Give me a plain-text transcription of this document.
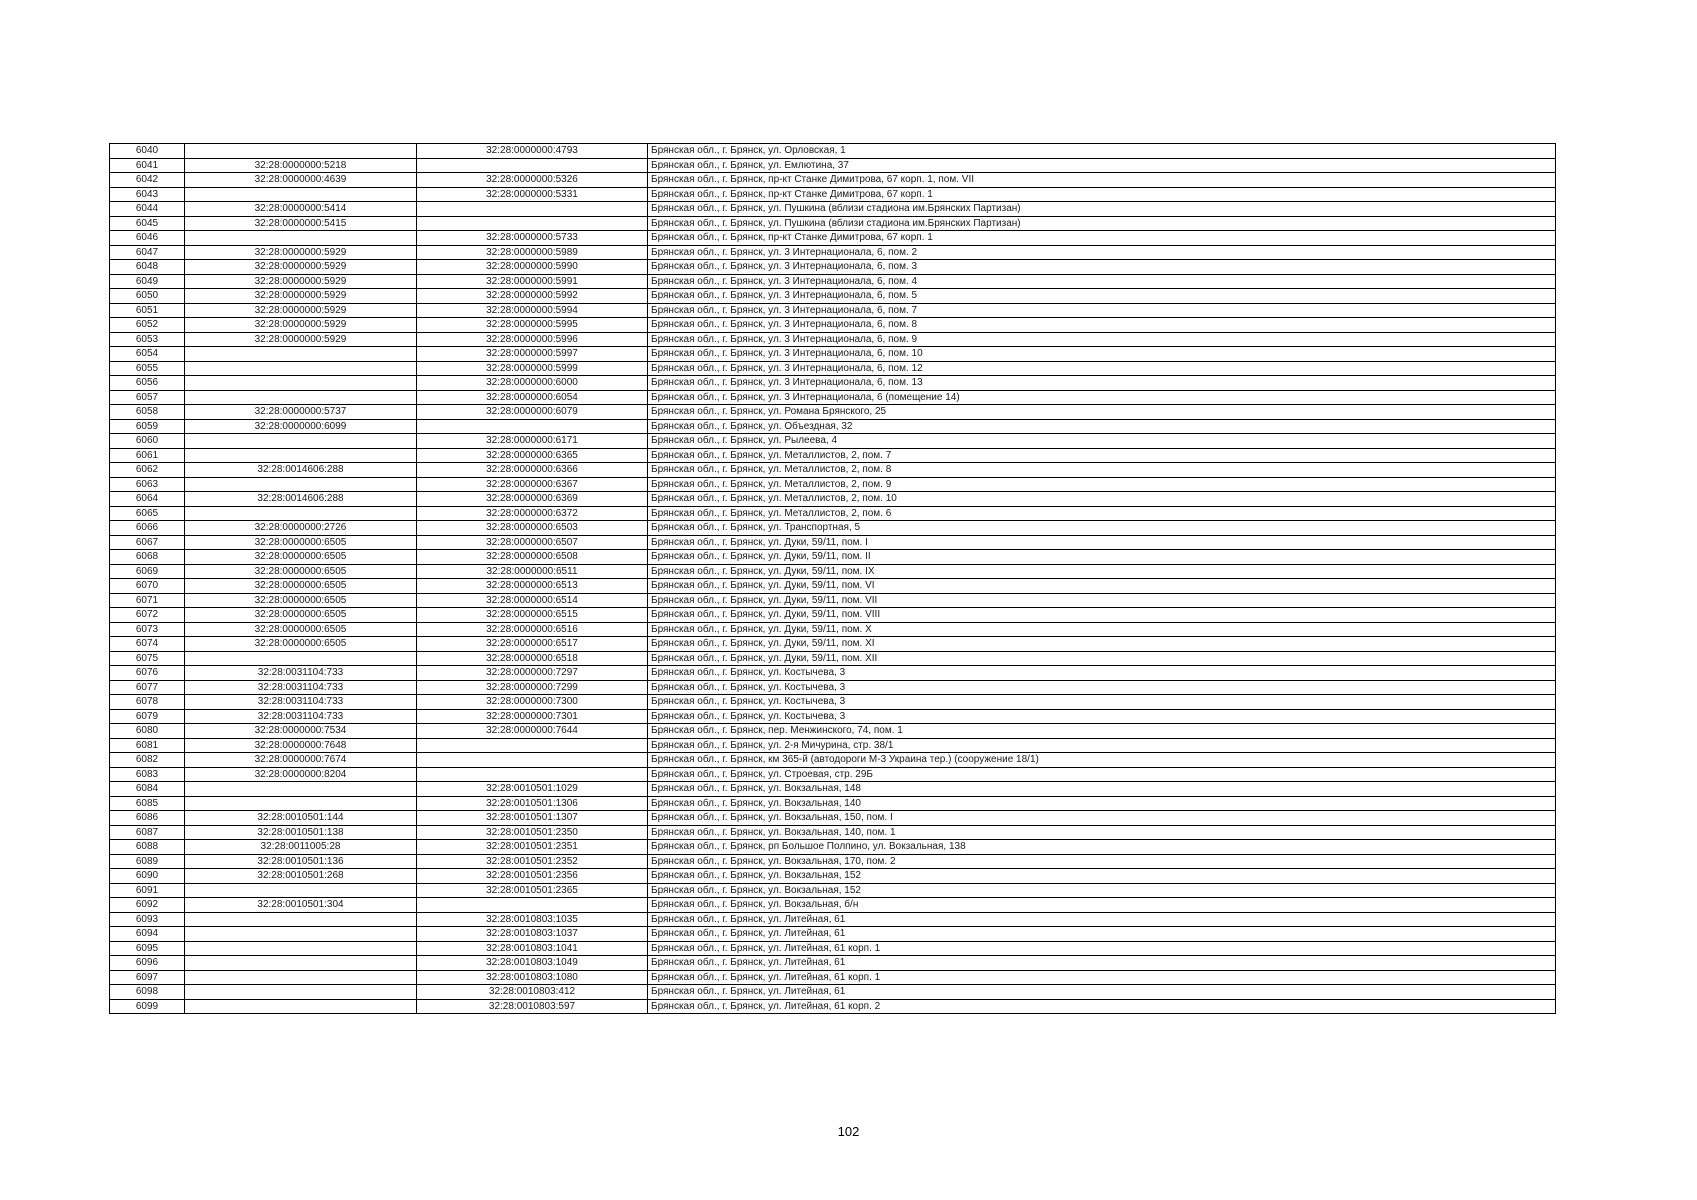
6040		32:28:0000000:4793	Брянская обл., г. Брянск, ул. Орловская, 1
6041	32:28:0000000:5218		Брянская обл., г. Брянск, ул. Емлютина, 37
6042	32:28:0000000:4639	32:28:0000000:5326	Брянская обл., г. Брянск, пр-кт Станке Димитрова, 67 корп. 1, пом. VII
6043		32:28:0000000:5331	Брянская обл., г. Брянск, пр-кт Станке Димитрова, 67 корп. 1
6044	32:28:0000000:5414		Брянская обл., г. Брянск, ул. Пушкина (вблизи стадиона им.Брянских Партизан)
6045	32:28:0000000:5415		Брянская обл., г. Брянск, ул. Пушкина (вблизи стадиона им.Брянских Партизан)
6046		32:28:0000000:5733	Брянская обл., г. Брянск, пр-кт Станке Димитрова, 67 корп. 1
6047	32:28:0000000:5929	32:28:0000000:5989	Брянская обл., г. Брянск, ул. 3 Интернационала, 6, пом. 2
6048	32:28:0000000:5929	32:28:0000000:5990	Брянская обл., г. Брянск, ул. 3 Интернационала, 6, пом. 3
6049	32:28:0000000:5929	32:28:0000000:5991	Брянская обл., г. Брянск, ул. 3 Интернационала, 6, пом. 4
6050	32:28:0000000:5929	32:28:0000000:5992	Брянская обл., г. Брянск, ул. 3 Интернационала, 6, пом. 5
6051	32:28:0000000:5929	32:28:0000000:5994	Брянская обл., г. Брянск, ул. 3 Интернационала, 6, пом. 7
6052	32:28:0000000:5929	32:28:0000000:5995	Брянская обл., г. Брянск, ул. 3 Интернационала, 6, пом. 8
6053	32:28:0000000:5929	32:28:0000000:5996	Брянская обл., г. Брянск, ул. 3 Интернационала, 6, пом. 9
6054		32:28:0000000:5997	Брянская обл., г. Брянск, ул. 3 Интернационала, 6, пом. 10
6055		32:28:0000000:5999	Брянская обл., г. Брянск, ул. 3 Интернационала, 6, пом. 12
6056		32:28:0000000:6000	Брянская обл., г. Брянск, ул. 3 Интернационала, 6, пом. 13
6057		32:28:0000000:6054	Брянская обл., г. Брянск, ул. 3 Интернационала, 6 (помещение 14)
6058	32:28:0000000:5737	32:28:0000000:6079	Брянская обл., г. Брянск, ул. Романа Брянского, 25
6059	32:28:0000000:6099		Брянская обл., г. Брянск, ул. Объездная, 32
6060		32:28:0000000:6171	Брянская обл., г. Брянск, ул. Рылеева, 4
6061		32:28:0000000:6365	Брянская обл., г. Брянск, ул. Металлистов, 2, пом. 7
6062	32:28:0014606:288	32:28:0000000:6366	Брянская обл., г. Брянск, ул. Металлистов, 2, пом. 8
6063		32:28:0000000:6367	Брянская обл., г. Брянск, ул. Металлистов, 2, пом. 9
6064	32:28:0014606:288	32:28:0000000:6369	Брянская обл., г. Брянск, ул. Металлистов, 2, пом. 10
6065		32:28:0000000:6372	Брянская обл., г. Брянск, ул. Металлистов, 2, пом. 6
6066	32:28:0000000:2726	32:28:0000000:6503	Брянская обл., г. Брянск, ул. Транспортная, 5
6067	32:28:0000000:6505	32:28:0000000:6507	Брянская обл., г. Брянск, ул. Дуки, 59/11, пом. I
6068	32:28:0000000:6505	32:28:0000000:6508	Брянская обл., г. Брянск, ул. Дуки, 59/11, пом. II
6069	32:28:0000000:6505	32:28:0000000:6511	Брянская обл., г. Брянск, ул. Дуки, 59/11, пом. IX
6070	32:28:0000000:6505	32:28:0000000:6513	Брянская обл., г. Брянск, ул. Дуки, 59/11, пом. VI
6071	32:28:0000000:6505	32:28:0000000:6514	Брянская обл., г. Брянск, ул. Дуки, 59/11, пом. VII
6072	32:28:0000000:6505	32:28:0000000:6515	Брянская обл., г. Брянск, ул. Дуки, 59/11, пом. VIII
6073	32:28:0000000:6505	32:28:0000000:6516	Брянская обл., г. Брянск, ул. Дуки, 59/11, пом. X
6074	32:28:0000000:6505	32:28:0000000:6517	Брянская обл., г. Брянск, ул. Дуки, 59/11, пом. XI
6075		32:28:0000000:6518	Брянская обл., г. Брянск, ул. Дуки, 59/11, пом. XII
6076	32:28:0031104:733	32:28:0000000:7297	Брянская обл., г. Брянск, ул. Костычева, 3
6077	32:28:0031104:733	32:28:0000000:7299	Брянская обл., г. Брянск, ул. Костычева, 3
6078	32:28:0031104:733	32:28:0000000:7300	Брянская обл., г. Брянск, ул. Костычева, 3
6079	32:28:0031104:733	32:28:0000000:7301	Брянская обл., г. Брянск, ул. Костычева, 3
6080	32:28:0000000:7534	32:28:0000000:7644	Брянская обл., г. Брянск, пер. Менжинского, 74, пом. 1
6081	32:28:0000000:7648		Брянская обл., г. Брянск, ул. 2-я Мичурина, стр. 38/1
6082	32:28:0000000:7674		Брянская обл., г. Брянск, км 365-й (автодороги М-3 Украина тер.) (сооружение 18/1)
6083	32:28:0000000:8204		Брянская обл., г. Брянск, ул. Строевая, стр. 29Б
6084		32:28:0010501:1029	Брянская обл., г. Брянск, ул. Вокзальная, 148
6085		32:28:0010501:1306	Брянская обл., г. Брянск, ул. Вокзальная, 140
6086	32:28:0010501:144	32:28:0010501:1307	Брянская обл., г. Брянск, ул. Вокзальная, 150, пом. I
6087	32:28:0010501:138	32:28:0010501:2350	Брянская обл., г. Брянск, ул. Вокзальная, 140, пом. 1
6088	32:28:0011005:28	32:28:0010501:2351	Брянская обл., г. Брянск, рп Большое Полпино, ул. Вокзальная, 138
6089	32:28:0010501:136	32:28:0010501:2352	Брянская обл., г. Брянск, ул. Вокзальная, 170, пом. 2
6090	32:28:0010501:268	32:28:0010501:2356	Брянская обл., г. Брянск, ул. Вокзальная, 152
6091		32:28:0010501:2365	Брянская обл., г. Брянск, ул. Вокзальная, 152
6092	32:28:0010501:304		Брянская обл., г. Брянск, ул. Вокзальная, б/н
6093		32:28:0010803:1035	Брянская обл., г. Брянск, ул. Литейная, 61
6094		32:28:0010803:1037	Брянская обл., г. Брянск, ул. Литейная, 61
6095		32:28:0010803:1041	Брянская обл., г. Брянск, ул. Литейная, 61 корп. 1
6096		32:28:0010803:1049	Брянская обл., г. Брянск, ул. Литейная, 61
6097		32:28:0010803:1080	Брянская обл., г. Брянск, ул. Литейная, 61 корп. 1
6098		32:28:0010803:412	Брянская обл., г. Брянск, ул. Литейная, 61
6099		32:28:0010803:597	Брянская обл., г. Брянск, ул. Литейная, 61 корп. 2
102
